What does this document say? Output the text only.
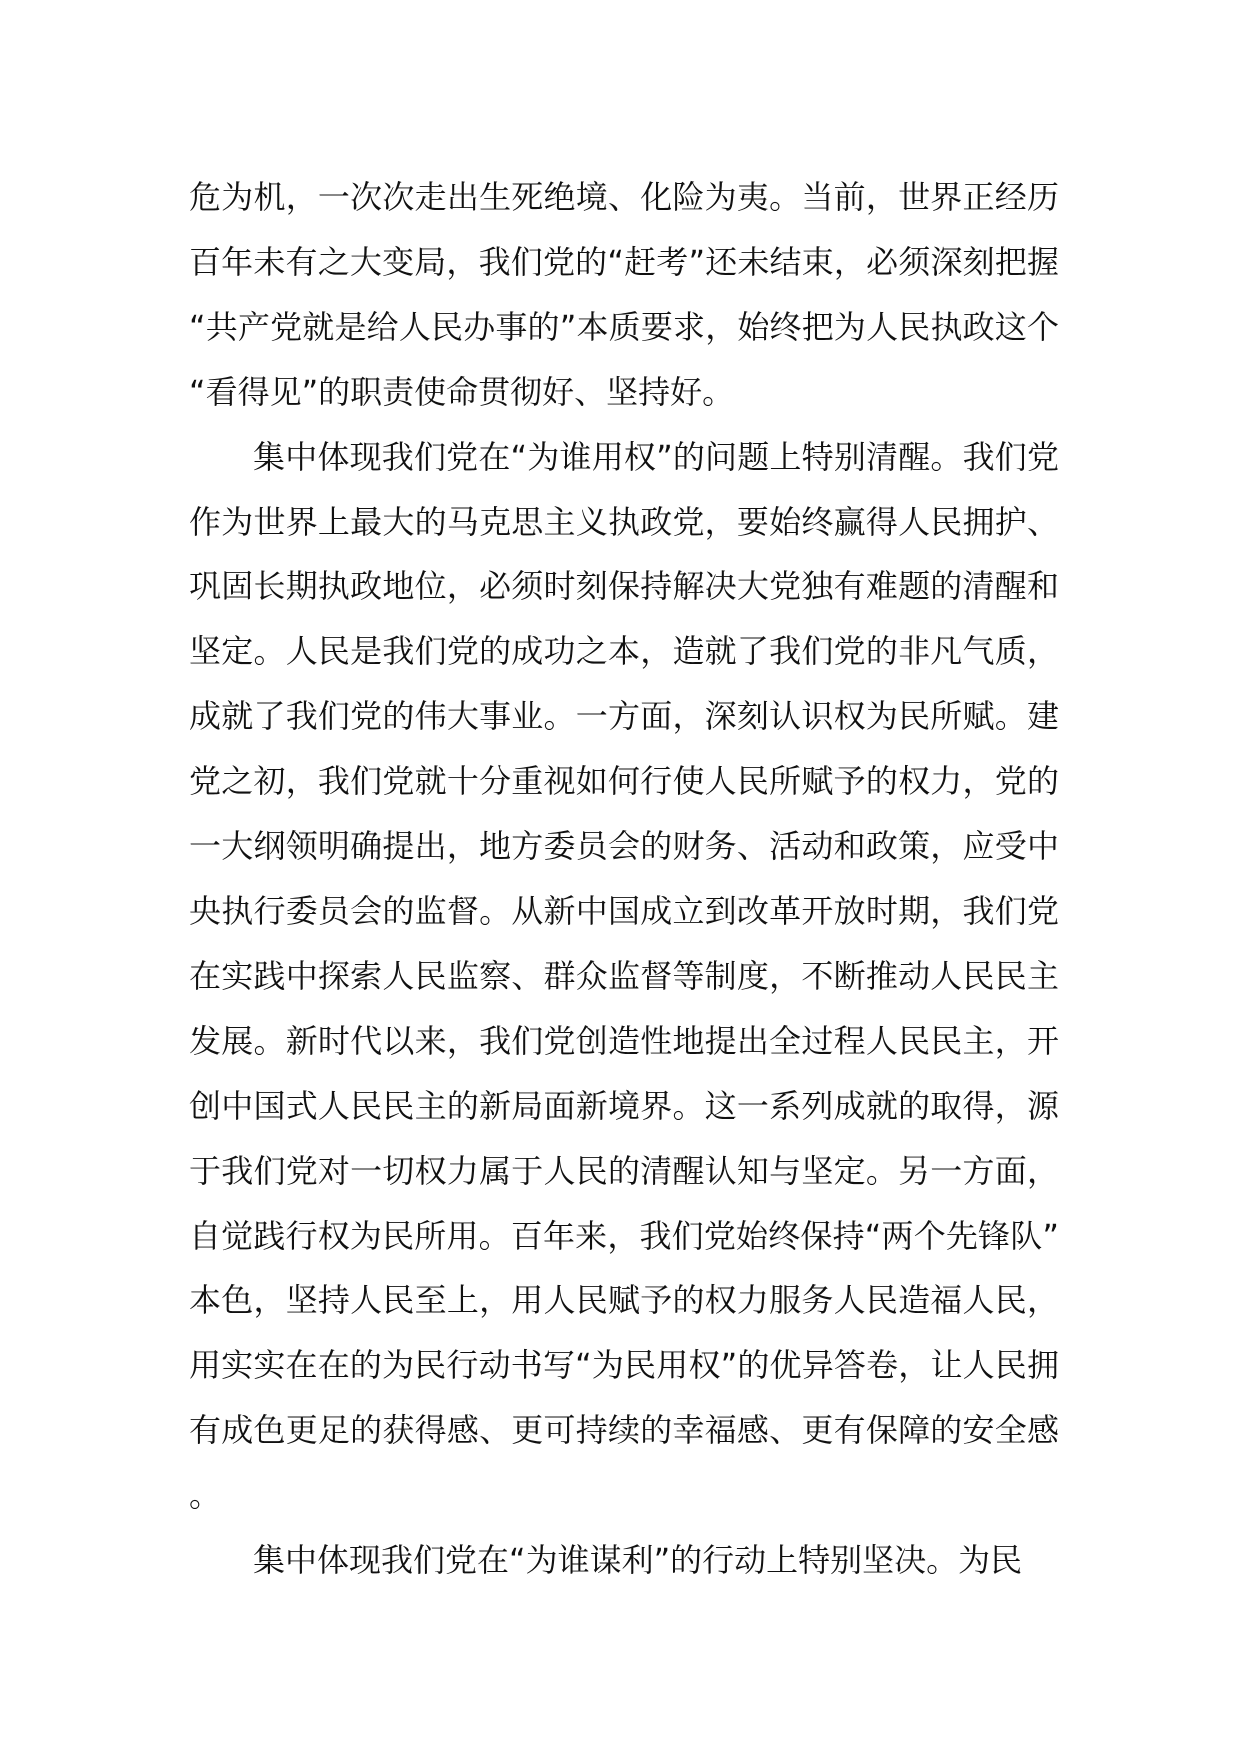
危为机，一次次走出生死绝境、化险为夷。当前，世界正经历百年未有之大变局，我们党的“赶考”还未结束，必须深刻把握“共产党就是给人民办事的”本质要求，始终把为人民执政这个“看得见”的职责使命贯彻好、坚持好。

集中体现我们党在“为谁用权”的问题上特别清醒。我们党作为世界上最大的马克思主义执政党，要始终赢得人民拥护、巩固长期执政地位，必须时刻保持解决大党独有难题的清醒和坚定。人民是我们党的成功之本，造就了我们党的非凡气质，成就了我们党的伟大事业。一方面，深刻认识权为民所赋。建党之初，我们党就十分重视如何行使人民所赋予的权力，党的一大纲领明确提出，地方委员会的财务、活动和政策，应受中央执行委员会的监督。从新中国成立到改革开放时期，我们党在实践中探索人民监察、群众监督等制度，不断推动人民民主发展。新时代以来，我们党创造性地提出全过程人民民主，开创中国式人民民主的新局面新境界。这一系列成就的取得，源于我们党对一切权力属于人民的清醒认知与坚定。另一方面，自觉践行权为民所用。百年来，我们党始终保持“两个先锋队”本色，坚持人民至上，用人民赋予的权力服务人民造福人民，用实实在在的为民行动书写“为民用权”的优异答卷，让人民拥有成色更足的获得感、更可持续的幸福感、更有保障的安全感。

集中体现我们党在“为谁谋利”的行动上特别坚决。为民
